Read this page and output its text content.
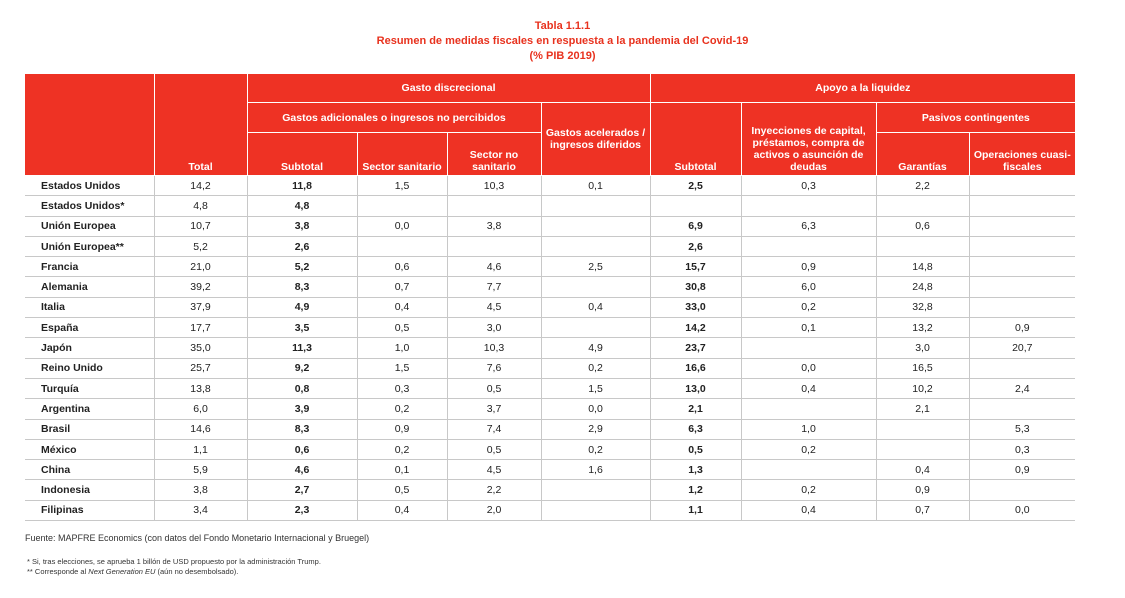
Tabla 1.1.1
Resumen de medidas fiscales en respuesta a la pandemia del Covid-19
(% PIB 2019)
	Total	Gasto discrecional				Apoyo a la liquidez			
		Gastos adicionales o ingresos no percibidos			Gastos acelerados / ingresos diferidos	Subtotal	Inyecciones de capital, préstamos, compra de activos o asunción de deudas	Pasivos contingentes	
		Subtotal	Sector sanitario	Sector no sanitario				Garantías	Operaciones cuasi-fiscales
Estados Unidos	14,2	11,8	1,5	10,3	0,1	2,5	0,3	2,2	
Estados Unidos*	4,8	4,8							
Unión Europea	10,7	3,8	0,0	3,8		6,9	6,3	0,6	
Unión Europea**	5,2	2,6				2,6			
Francia	21,0	5,2	0,6	4,6	2,5	15,7	0,9	14,8	
Alemania	39,2	8,3	0,7	7,7		30,8	6,0	24,8	
Italia	37,9	4,9	0,4	4,5	0,4	33,0	0,2	32,8	
España	17,7	3,5	0,5	3,0		14,2	0,1	13,2	0,9
Japón	35,0	11,3	1,0	10,3	4,9	23,7		3,0	20,7
Reino Unido	25,7	9,2	1,5	7,6	0,2	16,6	0,0	16,5	
Turquía	13,8	0,8	0,3	0,5	1,5	13,0	0,4	10,2	2,4
Argentina	6,0	3,9	0,2	3,7	0,0	2,1		2,1	
Brasil	14,6	8,3	0,9	7,4	2,9	6,3	1,0		5,3
México	1,1	0,6	0,2	0,5	0,2	0,5	0,2		0,3
China	5,9	4,6	0,1	4,5	1,6	1,3		0,4	0,9
Indonesia	3,8	2,7	0,5	2,2		1,2	0,2	0,9	
Filipinas	3,4	2,3	0,4	2,0		1,1	0,4	0,7	0,0
Fuente: MAPFRE Economics (con datos del Fondo Monetario Internacional y Bruegel)
* Si, tras elecciones, se aprueba 1 billón de USD propuesto por la administración Trump.
** Corresponde al Next Generation EU (aún no desembolsado).
